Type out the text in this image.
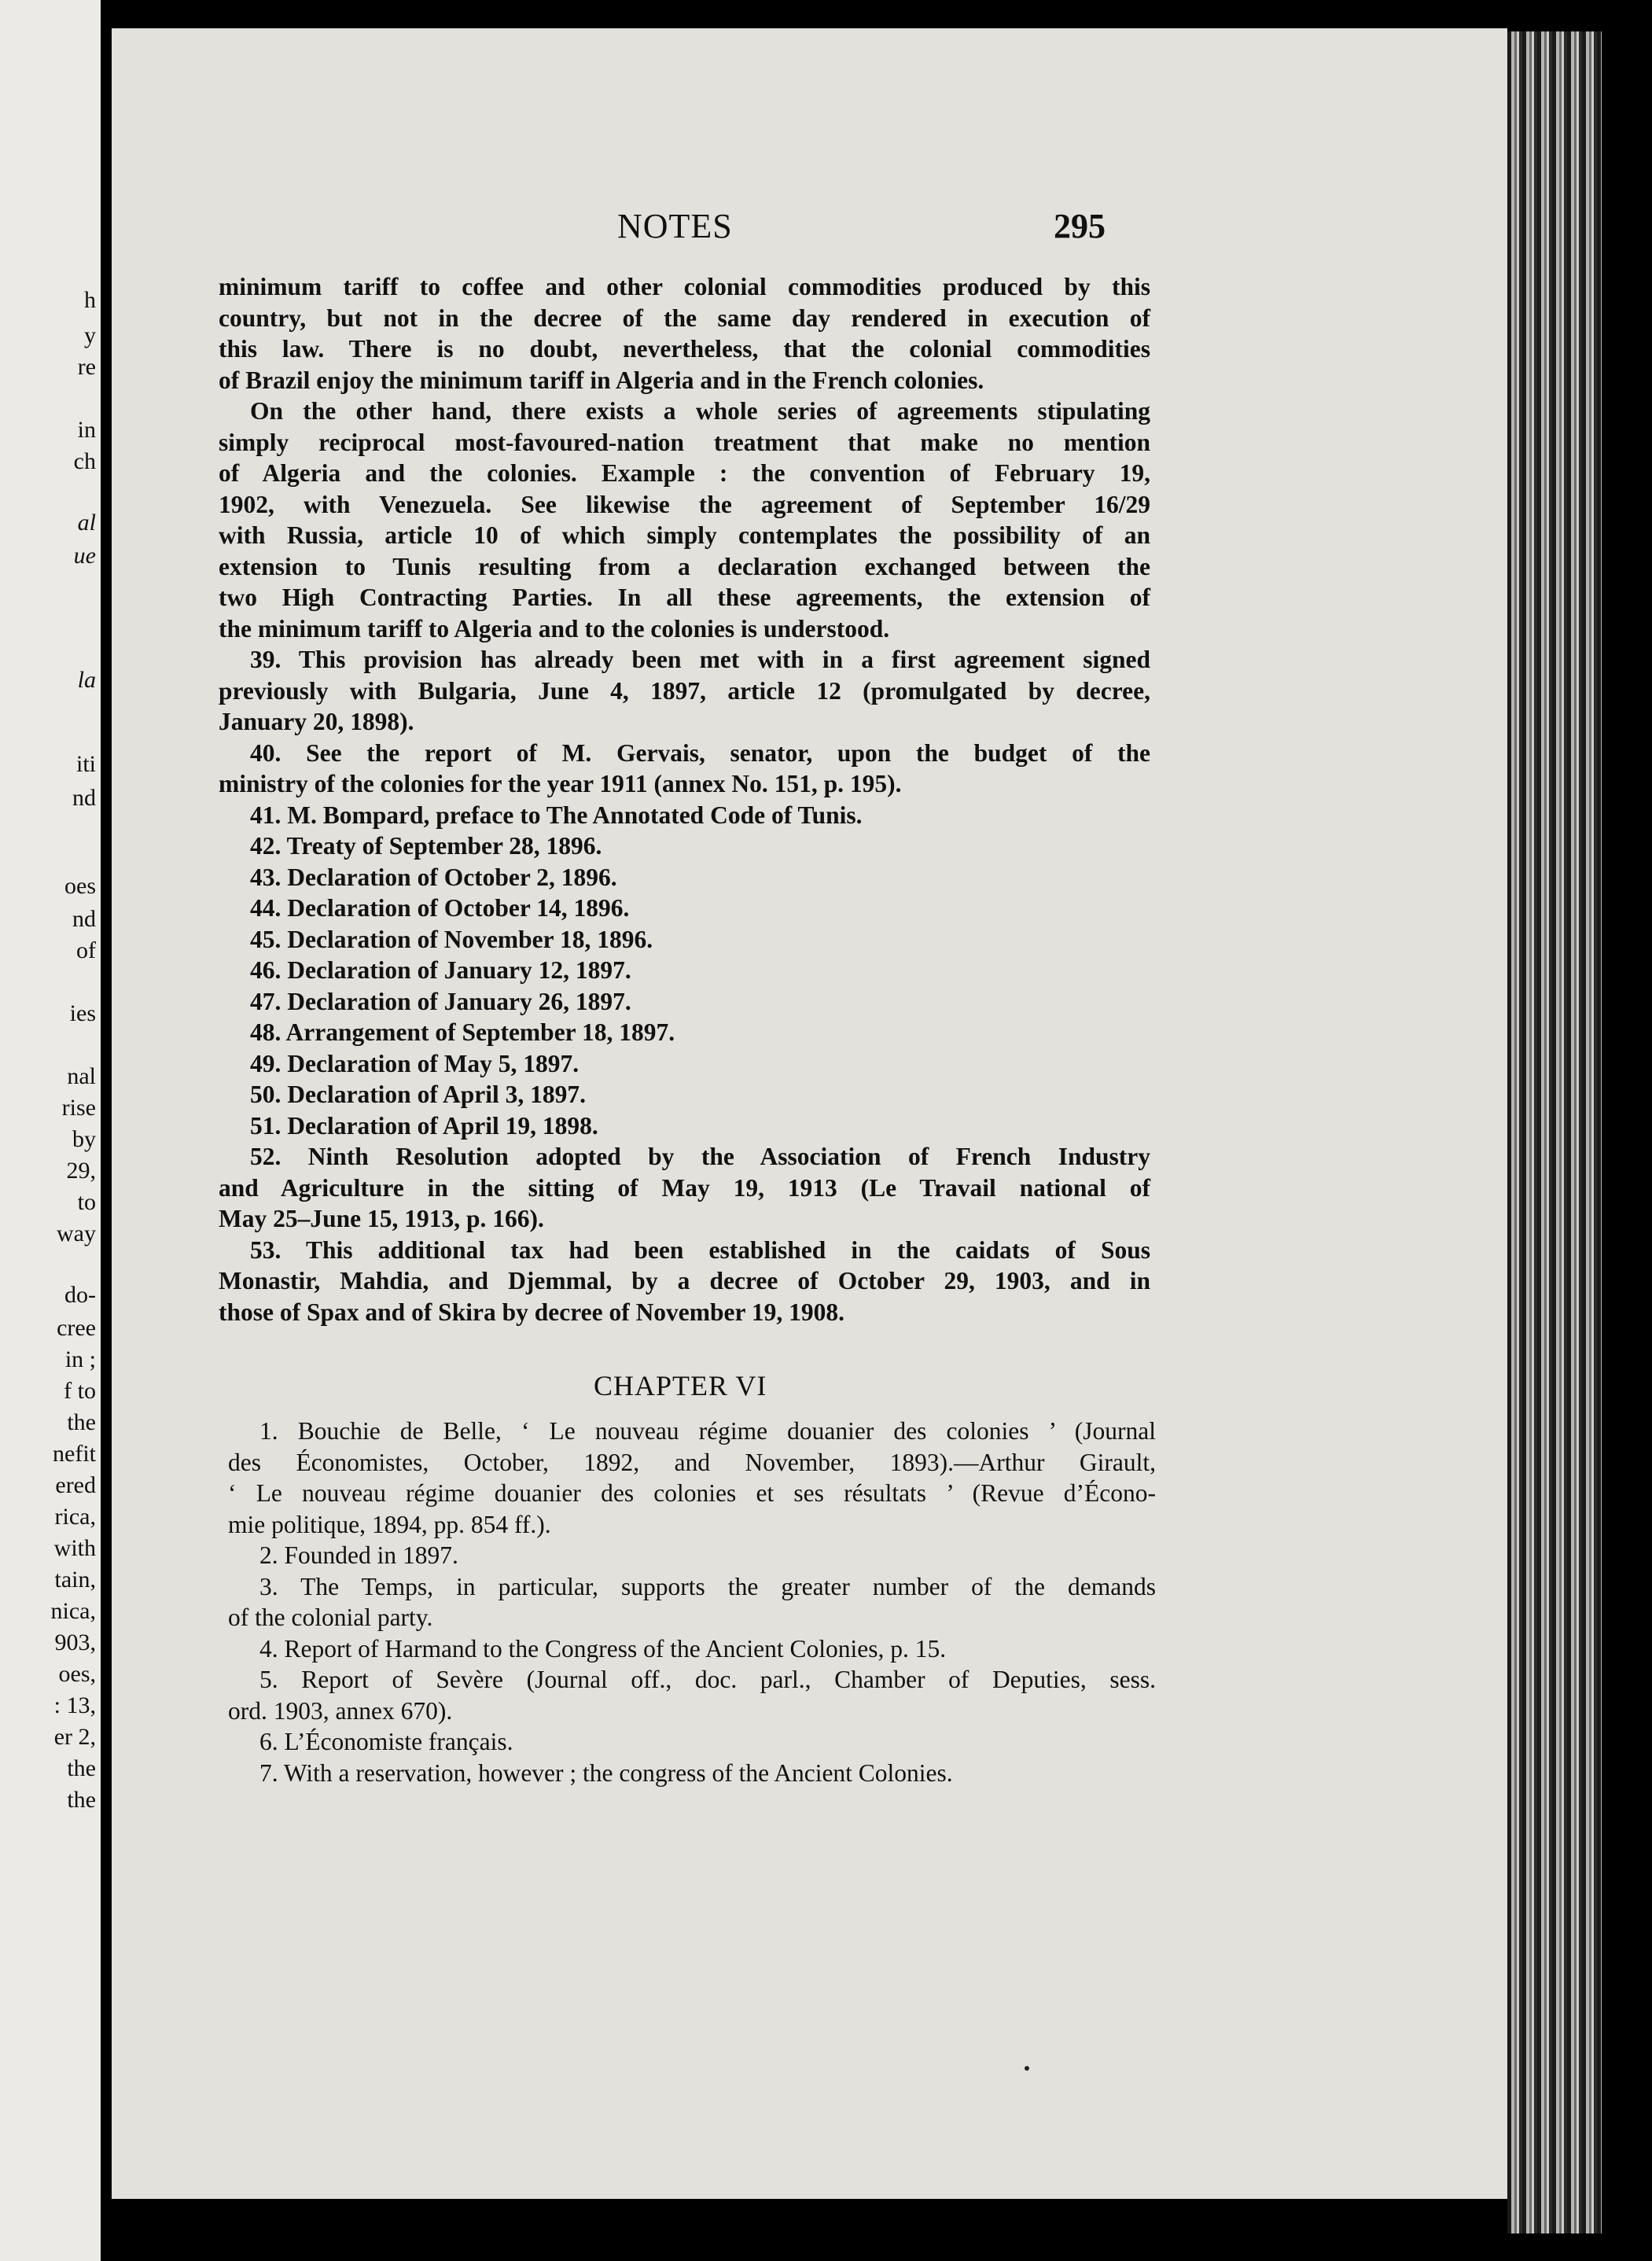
h
y
re
in
ch
al
ue
la
iti
nd
oes
nd
of
ies
nal
rise
by
29,
to
way
do-
cree
in ;
f to
the
nefit
ered
rica,
with
tain,
nica,
903,
oes,
: 13,
er 2,
the
the
NOTES	295
minimum tariff to coffee and other colonial commodities produced by this
country, but not in the decree of the same day rendered in execution of
this law. There is no doubt, nevertheless, that the colonial commodities
of Brazil enjoy the minimum tariff in Algeria and in the French colonies.
On the other hand, there exists a whole series of agreements stipulating
simply reciprocal most-favoured-nation treatment that make no mention
of Algeria and the colonies. Example : the convention of February 19,
1902, with Venezuela. See likewise the agreement of September 16/29
with Russia, article 10 of which simply contemplates the possibility of an
extension to Tunis resulting from a declaration exchanged between the
two High Contracting Parties. In all these agreements, the extension of
the minimum tariff to Algeria and to the colonies is understood.
39. This provision has already been met with in a first agreement signed
previously with Bulgaria, June 4, 1897, article 12 (promulgated by decree,
January 20, 1898).
40. See the report of M. Gervais, senator, upon the budget of the
ministry of the colonies for the year 1911 (annex No. 151, p. 195).
41. M. Bompard, preface to The Annotated Code of Tunis.
42. Treaty of September 28, 1896.
43. Declaration of October 2, 1896.
44. Declaration of October 14, 1896.
45. Declaration of November 18, 1896.
46. Declaration of January 12, 1897.
47. Declaration of January 26, 1897.
48. Arrangement of September 18, 1897.
49. Declaration of May 5, 1897.
50. Declaration of April 3, 1897.
51. Declaration of April 19, 1898.
52. Ninth Resolution adopted by the Association of French Industry
and Agriculture in the sitting of May 19, 1913 (Le Travail national of
May 25–June 15, 1913, p. 166).
53. This additional tax had been established in the caidats of Sous
Monastir, Mahdia, and Djemmal, by a decree of October 29, 1903, and in
those of Spax and of Skira by decree of November 19, 1908.
CHAPTER VI
1. Bouchie de Belle, ‘ Le nouveau régime douanier des colonies ’ (Journal
des Économistes, October, 1892, and November, 1893).—Arthur Girault,
‘ Le nouveau régime douanier des colonies et ses résultats ’ (Revue d’Écono-
mie politique, 1894, pp. 854 ff.).
2. Founded in 1897.
3. The Temps, in particular, supports the greater number of the demands
of the colonial party.
4. Report of Harmand to the Congress of the Ancient Colonies, p. 15.
5. Report of Sevère (Journal off., doc. parl., Chamber of Deputies, sess.
ord. 1903, annex 670).
6. L’Économiste français.
7. With a reservation, however ; the congress of the Ancient Colonies.
